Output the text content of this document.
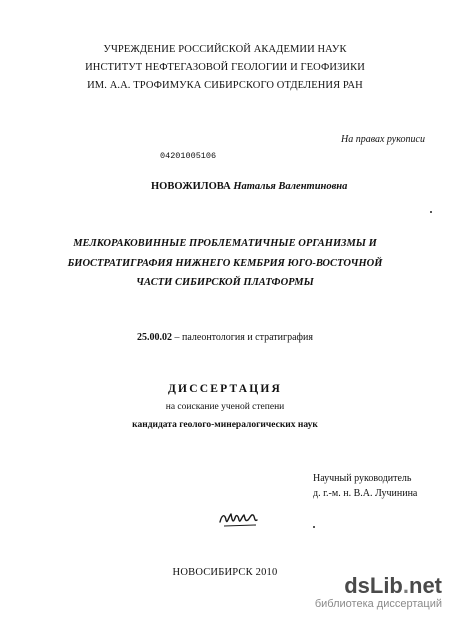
УЧРЕЖДЕНИЕ РОССИЙСКОЙ АКАДЕМИИ НАУК
ИНСТИТУТ НЕФТЕГАЗОВОЙ ГЕОЛОГИИ И ГЕОФИЗИКИ
ИМ. А.А. ТРОФИМУКА СИБИРСКОГО ОТДЕЛЕНИЯ РАН
На правах рукописи
04201005106
НОВОЖИЛОВА Наталья Валентиновна
МЕЛКОРАКОВИННЫЕ ПРОБЛЕМАТИЧНЫЕ ОРГАНИЗМЫ И
БИОСТРАТИГРАФИЯ НИЖНЕГО КЕМБРИЯ ЮГО-ВОСТОЧНОЙ
ЧАСТИ СИБИРСКОЙ ПЛАТФОРМЫ
25.00.02 – палеонтология и стратиграфия
ДИССЕРТАЦИЯ
на соискание ученой степени
кандидата геолого-минералогических наук
Научный руководитель
д. г.-м. н. В.А. Лучинина
НОВОСИБИРСК 2010
dsLib.net
библиотека диссертаций
